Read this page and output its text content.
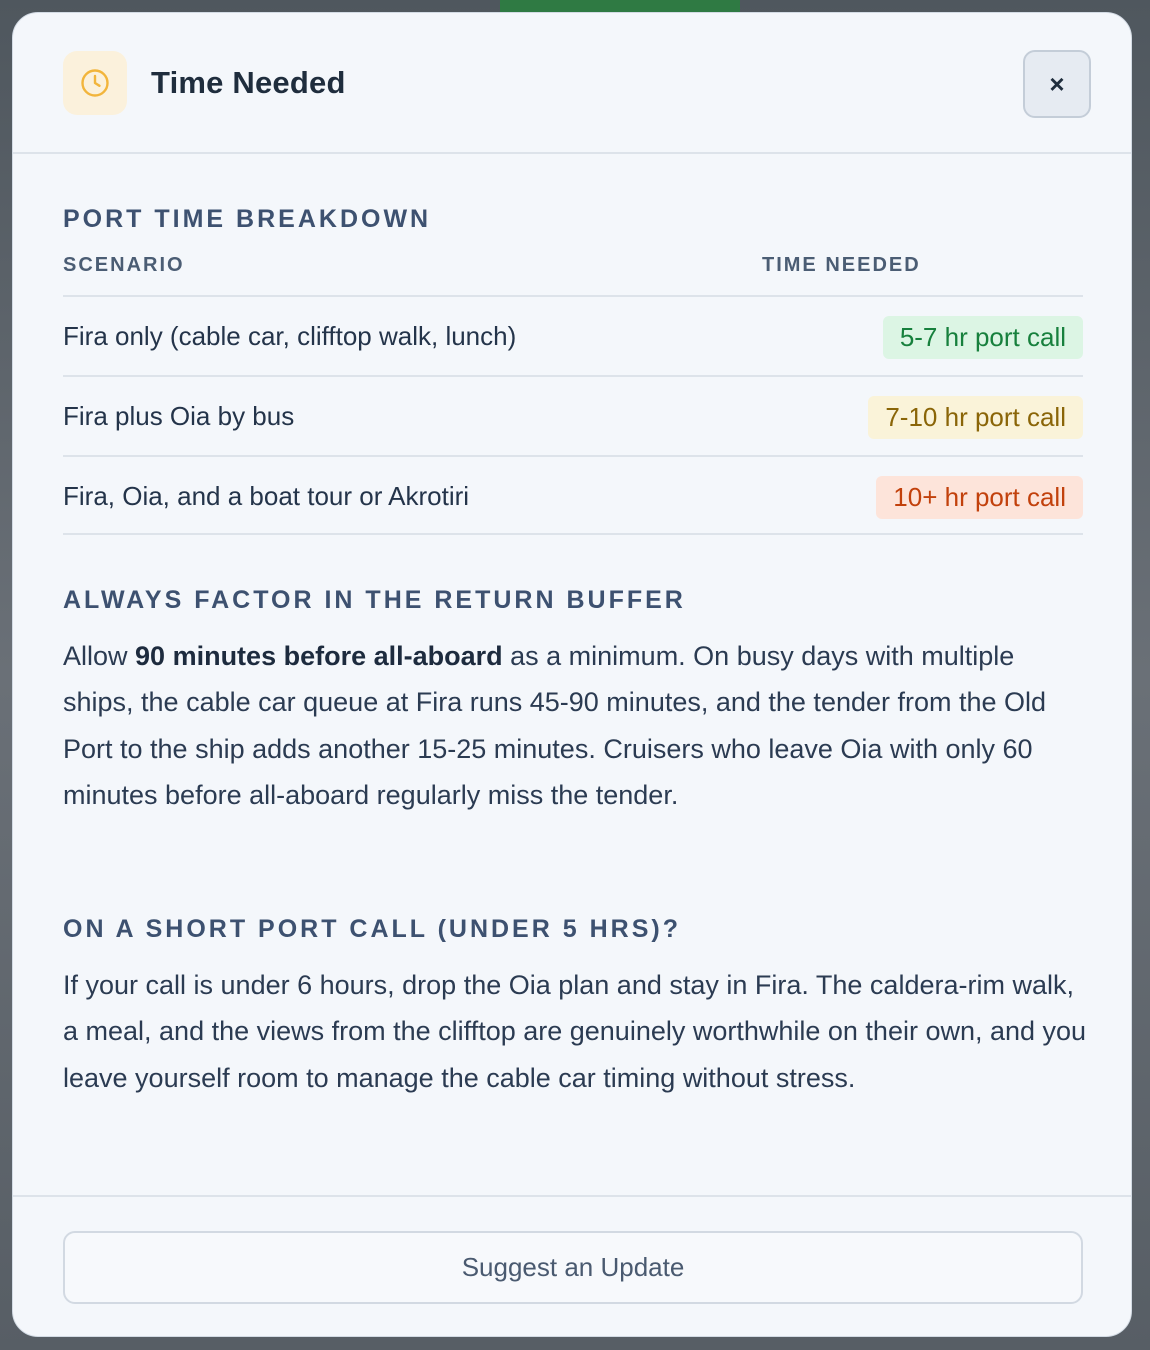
Time Needed	×
PORT TIME BREAKDOWN
SCENARIO	TIME NEEDED
Fira only (cable car, clifftop walk, lunch)	5-7 hr port call
Fira plus Oia by bus	7-10 hr port call
Fira, Oia, and a boat tour or Akrotiri	10+ hr port call
ALWAYS FACTOR IN THE RETURN BUFFER

Allow 90 minutes before all-aboard as a minimum. On busy days with multiple ships, the cable car queue at Fira runs 45-90 minutes, and the tender from the Old Port to the ship adds another 15-25 minutes. Cruisers who leave Oia with only 60 minutes before all-aboard regularly miss the tender.

ON A SHORT PORT CALL (UNDER 5 HRS)?

If your call is under 6 hours, drop the Oia plan and stay in Fira. The caldera-rim walk, a meal, and the views from the clifftop are genuinely worthwhile on their own, and you leave yourself room to manage the cable car timing without stress.

Suggest an Update
